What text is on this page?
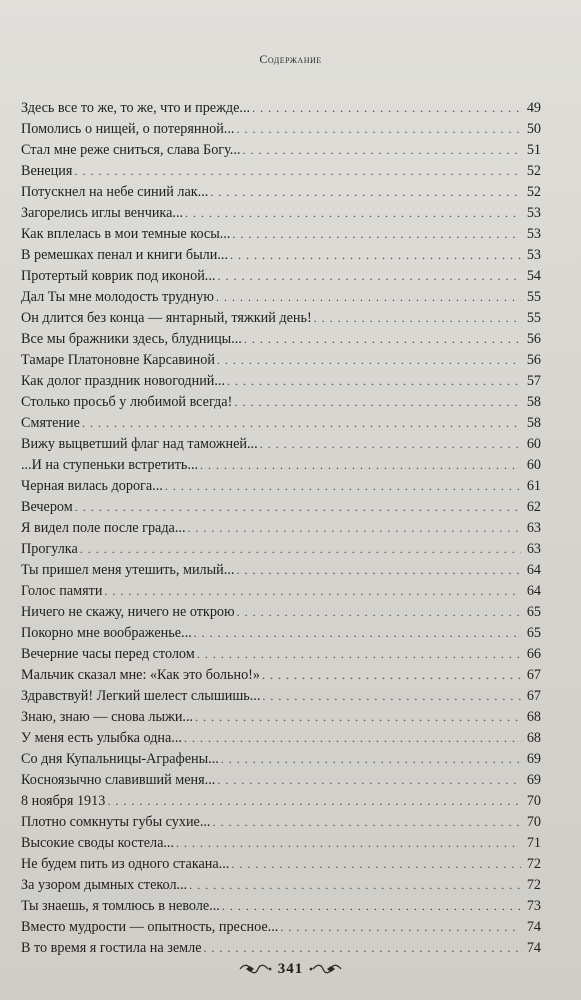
Содержание
Здесь все то же, то же, что и прежде... . . .	49
Помолись о нищей, о потерянной... . . .	50
Стал мне реже сниться, слава Богу... . . .	51
Венеция . . .	52
Потускнел на небе синий лак... . . .	52
Загорелись иглы венчика... . . .	53
Как вплелась в мои темные косы... . . .	53
В ремешках пенал и книги были... . . .	53
Протертый коврик под иконой... . . .	54
Дал Ты мне молодость трудную . . .	55
Он длится без конца — янтарный, тяжкий день! . . .	55
Все мы бражники здесь, блудницы... . . .	56
Тамаре Платоновне Карсавиной . . .	56
Как долог праздник новогодний... . . .	57
Столько просьб у любимой всегда! . . .	58
Смятение . . .	58
Вижу выцветший флаг над таможней... . . .	60
...И на ступеньки встретить... . . .	60
Черная вилась дорога... . . .	61
Вечером . . .	62
Я видел поле после града... . . .	63
Прогулка . . .	63
Ты пришел меня утешить, милый... . . .	64
Голос памяти . . .	64
Ничего не скажу, ничего не открою . . .	65
Покорно мне воображенье... . . .	65
Вечерние часы перед столом . . .	66
Мальчик сказал мне: «Как это больно!» . . .	67
Здравствуй! Легкий шелест слышишь... . . .	67
Знаю, знаю — снова лыжи... . . .	68
У меня есть улыбка одна... . . .	68
Со дня Купальницы-Аграфены... . . .	69
Косноязычно славивший меня... . . .	69
8 ноября 1913 . . .	70
Плотно сомкнуты губы сухие... . . .	70
Высокие своды костела... . . .	71
Не будем пить из одного стакана... . . .	72
За узором дымных стекол... . . .	72
Ты знаешь, я томлюсь в неволе... . . .	73
Вместо мудрости — опытность, пресное... . . .	74
В то время я гостила на земле . . .	74
341
